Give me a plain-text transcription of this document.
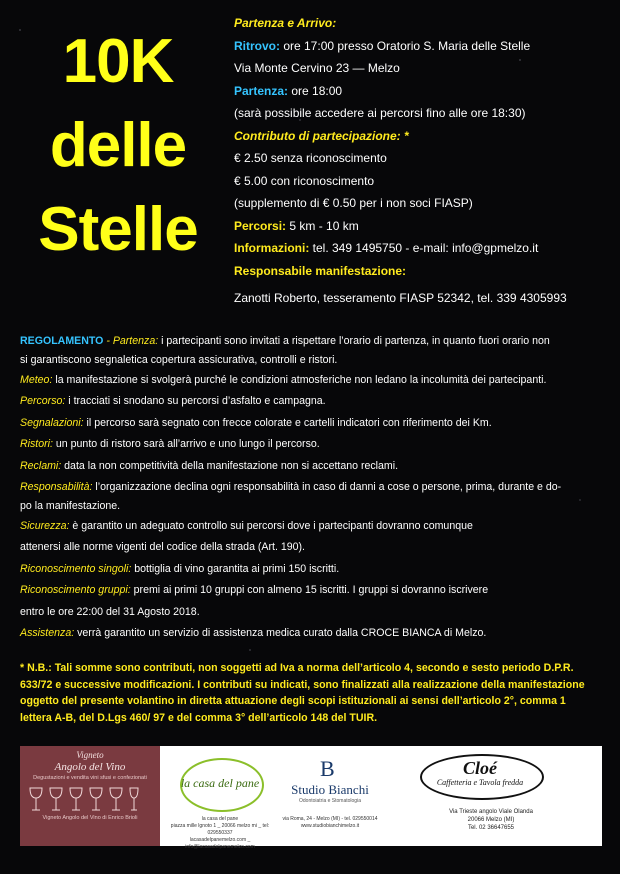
10K
delle
Stelle
Partenza e Arrivo:
Ritrovo: ore 17:00 presso Oratorio S. Maria delle Stelle
Via Monte Cervino 23 — Melzo
Partenza: ore 18:00
(sarà possibile accedere ai percorsi fino alle ore 18:30)
Contributo di partecipazione: *
€ 2.50 senza riconoscimento
€ 5.00 con riconoscimento
(supplemento di € 0.50 per i non soci FIASP)
Percorsi: 5 km - 10 km
Informazioni: tel. 349 1495750 - e-mail: info@gpmelzo.it
Responsabile manifestazione:
Zanotti Roberto, tesseramento FIASP 52342, tel. 339 4305993
REGOLAMENTO - Partenza: i partecipanti sono invitati a rispettare l’orario di partenza, in quanto fuori orario non
si garantiscono segnaletica copertura assicurativa, controlli e ristori.
Meteo: la manifestazione si svolgerà purché le condizioni atmosferiche non ledano la incolumità dei partecipanti.
Percorso: i tracciati si snodano su percorsi d’asfalto e campagna.
Segnalazioni: il percorso sarà segnato con frecce colorate e cartelli indicatori con riferimento dei Km.
Ristori: un punto di ristoro sarà all’arrivo e uno lungo il percorso.
Reclami: data la non competitività della manifestazione non si accettano reclami.
Responsabilità: l’organizzazione declina ogni responsabilità in caso di danni a cose o persone, prima, durante e do-
po la manifestazione.
Sicurezza: è garantito un adeguato controllo sui percorsi dove i partecipanti dovranno comunque
attenersi alle norme vigenti del codice della strada (Art. 190).
Riconoscimento singoli: bottiglia di vino garantita ai primi 150 iscritti.
Riconoscimento gruppi: premi ai primi 10 gruppi con almeno 15 iscritti. I gruppi si dovranno iscrivere
entro le ore 22:00 del 31 Agosto 2018.
Assistenza: verrà garantito un servizio di assistenza medica curato dalla CROCE BIANCA di Melzo.
* N.B.: Tali somme sono contributi, non soggetti ad Iva a norma dell’articolo 4, secondo e sesto periodo D.P.R.
633/72 e successive modificazioni. I contributi su indicati, sono finalizzati alla realizzazione della manifestazione
oggetto del presente volantino in diretta attuazione degli scopi istituzionali ai sensi dell’articolo 2°, comma 1
lettera A-B, del D.Lgs 460/ 97 e del comma 3° dell’articolo 148 del TUIR.
Vigneto
Angolo del Vino
Degustazioni e vendita vini sfusi e confezionati
Vigneto Angolo del Vino di Enrico Brioli
la casa del pane
la casa del pane
piazza mille lgnoto 1 _ 20066 melzo mi _ tel: 029550337
lacasadelpanemelzo.com _ info@lacasadelpanemelzo.com
B
Studio Bianchi
Odontoiatria e Stomatologia
via Roma, 24 - Melzo (MI) - tel. 029550014
www.studiobianchimelzo.it
Cloé
Caffetteria e Tavola fredda
Via Trieste angolo Viale Olanda
20066 Melzo (MI)
Tel. 02 36647655
